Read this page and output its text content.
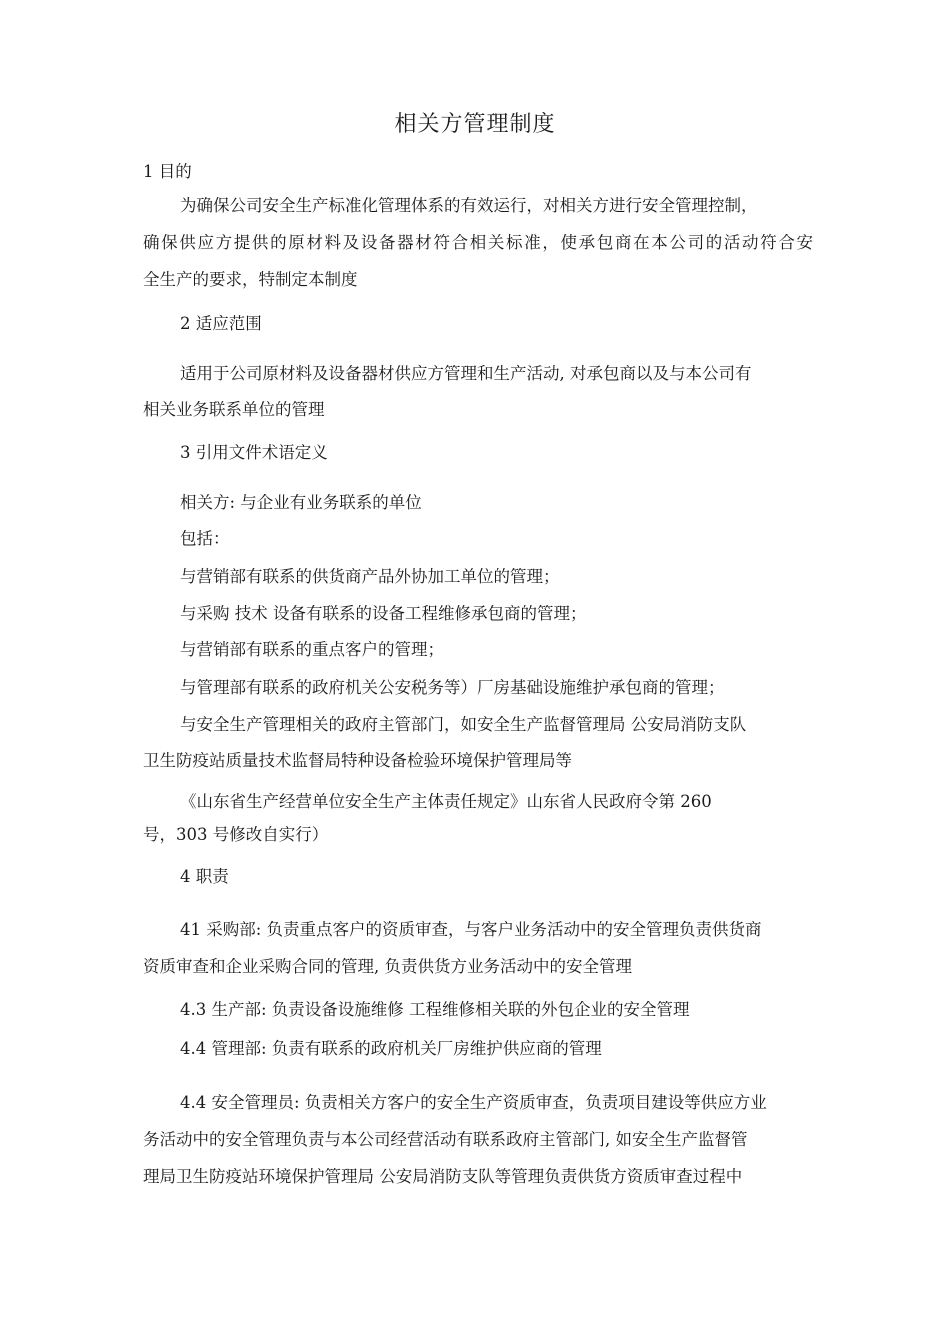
相关方管理制度
1 目的
为确保公司安全生产标准化管理体系的有效运行，对相关方进行安全管理控制，
确保供应方提供的原材料及设备器材符合相关标准，使承包商在本公司的活动符合安
全生产的要求，特制定本制度
2 适应范围
适用于公司原材料及设备器材供应方管理和生产活动, 对承包商以及与本公司有
相关业务联系单位的管理
3 引用文件术语定义
相关方: 与企业有业务联系的单位
包括：
与营销部有联系的供货商产品外协加工单位的管理；
与采购 技术 设备有联系的设备工程维修承包商的管理；
与营销部有联系的重点客户的管理；
与管理部有联系的政府机关公安税务等）厂房基础设施维护承包商的管理；
与安全生产管理相关的政府主管部门，如安全生产监督管理局 公安局消防支队
卫生防疫站质量技术监督局特种设备检验环境保护管理局等
《山东省生产经营单位安全生产主体责任规定》山东省人民政府令第 260
号，303 号修改自实行）
4 职责
41 采购部: 负责重点客户的资质审查，与客户业务活动中的安全管理负责供货商
资质审查和企业采购合同的管理, 负责供货方业务活动中的安全管理
4.3 生产部: 负责设备设施维修 工程维修相关联的外包企业的安全管理
4.4 管理部: 负责有联系的政府机关厂房维护供应商的管理
4.4 安全管理员: 负责相关方客户的安全生产资质审查，负责项目建设等供应方业
务活动中的安全管理负责与本公司经营活动有联系政府主管部门, 如安全生产监督管
理局卫生防疫站环境保护管理局 公安局消防支队等管理负责供货方资质审查过程中
